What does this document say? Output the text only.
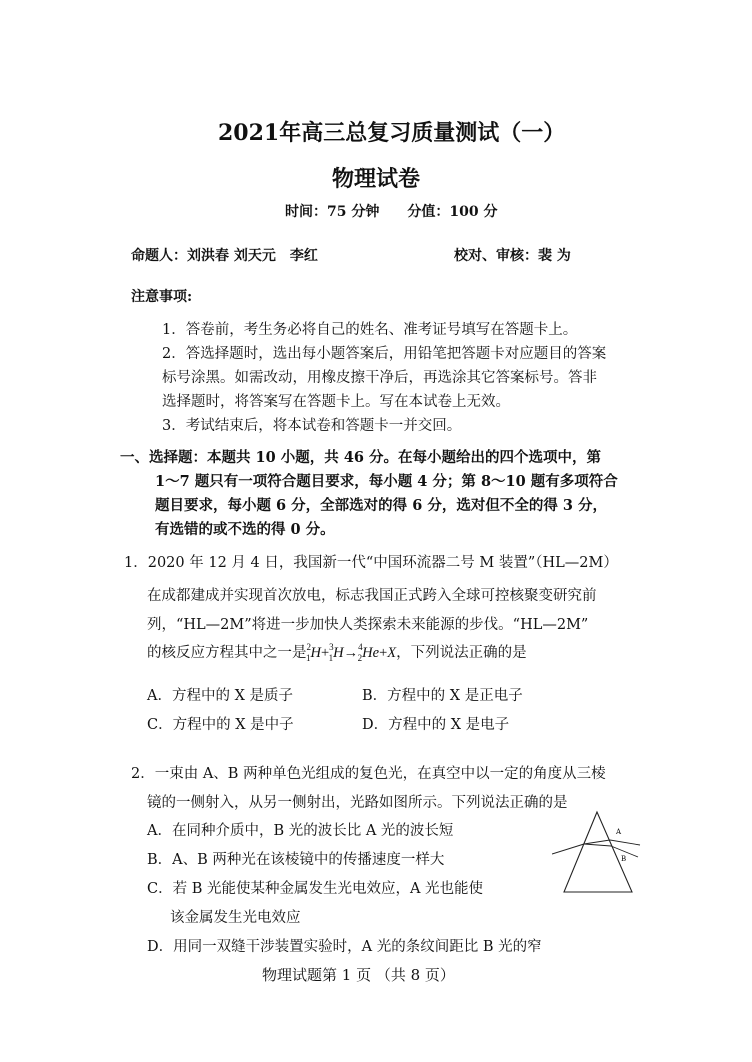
2021年高三总复习质量测试（一）
物理试卷
时间：75 分钟　　分值：100 分
命题人：刘洪春 刘天元　李红	校对、审核：裴 为
注意事项:
1．答卷前，考生务必将自己的姓名、准考证号填写在答题卡上。
2．答选择题时，选出每小题答案后，用铅笔把答题卡对应题目的答案
标号涂黑。如需改动，用橡皮擦干净后，再选涂其它答案标号。答非
选择题时，将答案写在答题卡上。写在本试卷上无效。
3．考试结束后，将本试卷和答题卡一并交回。
一、选择题：本题共 10 小题，共 46 分。在每小题给出的四个选项中，第
1～7 题只有一项符合题目要求，每小题 4 分；第 8～10 题有多项符合
题目要求，每小题 6 分，全部选对的得 6 分，选对但不全的得 3 分，
有选错的或不选的得 0 分。
1．2020 年 12 月 4 日，我国新一代“中国环流器二号 M 装置”（HL—2M）
在成都建成并实现首次放电，标志我国正式跨入全球可控核聚变研究前
列，“HL—2M”将进一步加快人类探索未来能源的步伐。“HL—2M”
的核反应方程其中之一是$^2_1$H+$^3_1$H→$^4_2$He+X，下列说法正确的是
A．方程中的 X 是质子	B．方程中的 X 是正电子
C．方程中的 X 是中子	D．方程中的 X 是电子
2．一束由 A、B 两种单色光组成的复色光，在真空中以一定的角度从三棱
镜的一侧射入，从另一侧射出，光路如图所示。下列说法正确的是
A．在同种介质中，B 光的波长比 A 光的波长短
B．A、B 两种光在该棱镜中的传播速度一样大
C．若 B 光能使某种金属发生光电效应，A 光也能使
该金属发生光电效应
D．用同一双缝干涉装置实验时，A 光的条纹间距比 B 光的窄
A
B
物理试题第 1 页 （共 8 页）
